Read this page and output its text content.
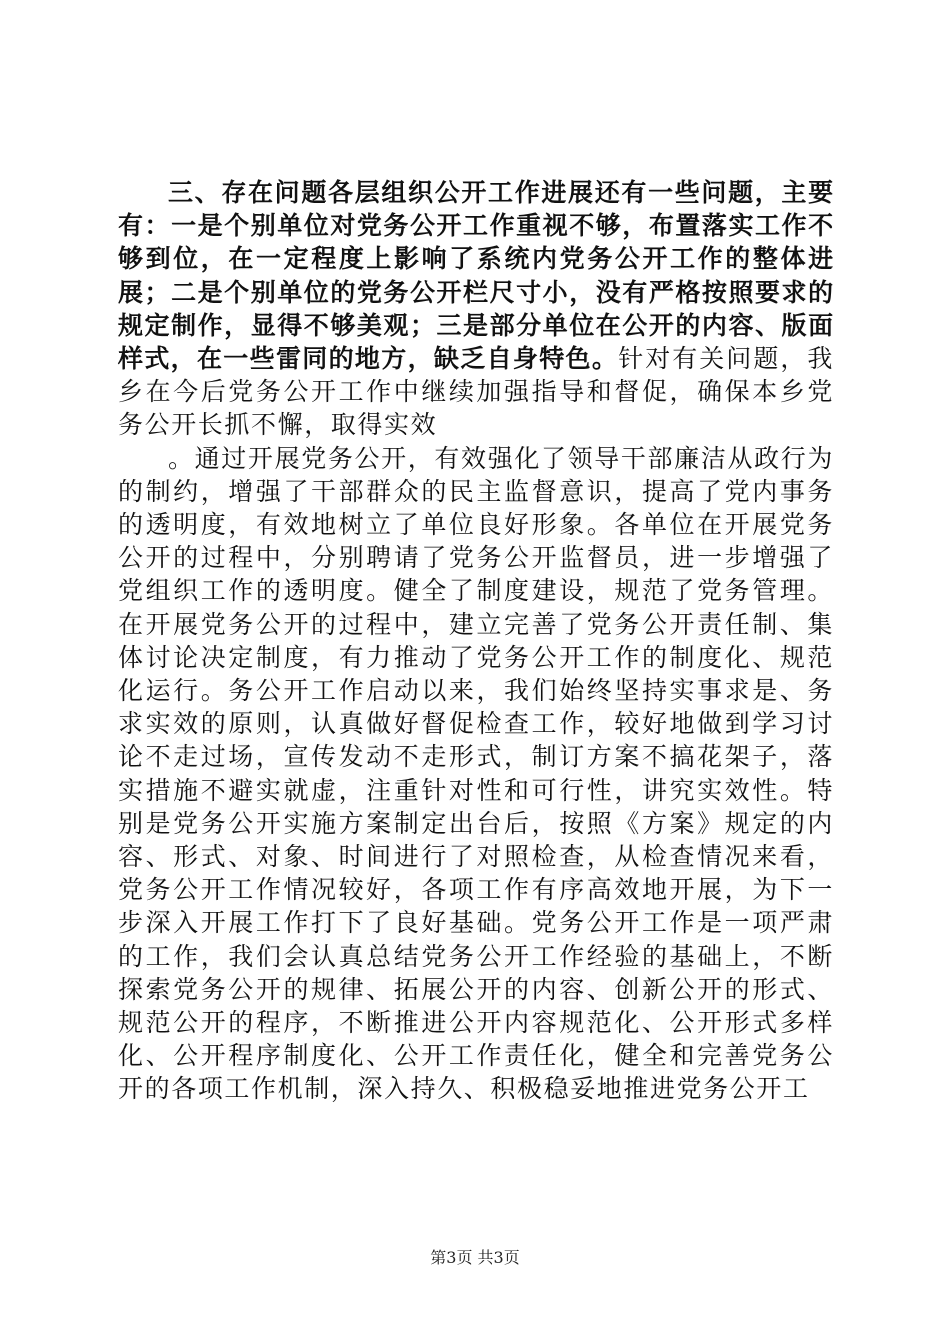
三、存在问题各层组织公开工作进展还有一些问题，主要有：一是个别单位对党务公开工作重视不够，布置落实工作不够到位，在一定程度上影响了系统内党务公开工作的整体进展；二是个别单位的党务公开栏尺寸小，没有严格按照要求的规定制作，显得不够美观；三是部分单位在公开的内容、版面样式，在一些雷同的地方，缺乏自身特色。针对有关问题，我乡在今后党务公开工作中继续加强指导和督促，确保本乡党务公开长抓不懈，取得实效

。通过开展党务公开，有效强化了领导干部廉洁从政行为的制约，增强了干部群众的民主监督意识，提高了党内事务的透明度，有效地树立了单位良好形象。各单位在开展党务公开的过程中，分别聘请了党务公开监督员，进一步增强了党组织工作的透明度。健全了制度建设，规范了党务管理。在开展党务公开的过程中，建立完善了党务公开责任制、集体讨论决定制度，有力推动了党务公开工作的制度化、规范化运行。务公开工作启动以来，我们始终坚持实事求是、务求实效的原则，认真做好督促检查工作，较好地做到学习讨论不走过场，宣传发动不走形式，制订方案不搞花架子，落实措施不避实就虚，注重针对性和可行性，讲究实效性。特别是党务公开实施方案制定出台后，按照《方案》规定的内容、形式、对象、时间进行了对照检查，从检查情况来看，党务公开工作情况较好，各项工作有序高效地开展，为下一步深入开展工作打下了良好基础。党务公开工作是一项严肃的工作，我们会认真总结党务公开工作经验的基础上，不断探索党务公开的规律、拓展公开的内容、创新公开的形式、规范公开的程序，不断推进公开内容规范化、公开形式多样化、公开程序制度化、公开工作责任化，健全和完善党务公开的各项工作机制，深入持久、积极稳妥地推进党务公开工

第3页 共3页
